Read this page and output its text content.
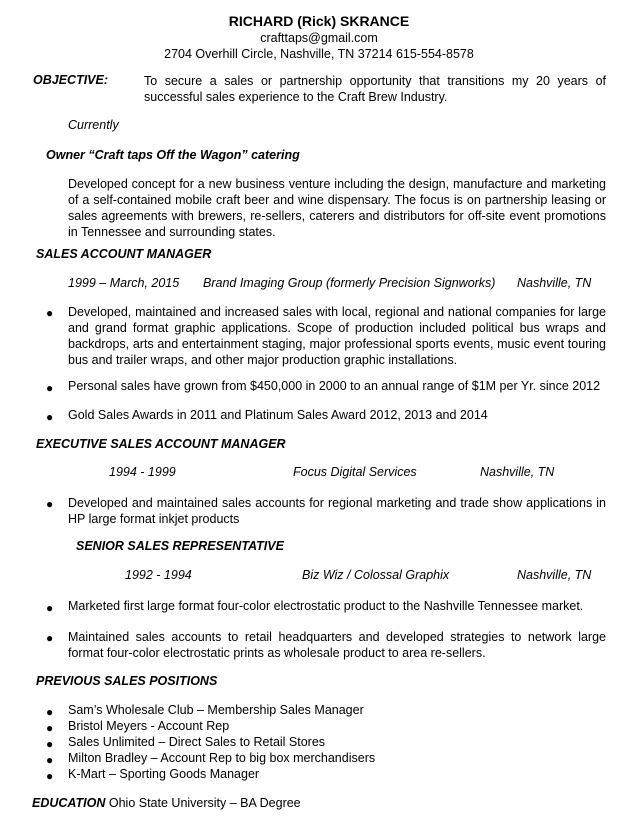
RICHARD (Rick) SKRANCE
crafttaps@gmail.com
2704 Overhill Circle, Nashville, TN 37214 615-554-8578
OBJECTIVE:	To secure a sales or partnership opportunity that transitions my 20 years of successful sales experience to the Craft Brew Industry.
Currently
Owner “Craft taps Off the Wagon” catering
Developed concept for a new business venture including the design, manufacture and marketing of a self-contained mobile craft beer and wine dispensary. The focus is on partnership leasing or sales agreements with brewers, re-sellers, caterers and distributors for off-site event promotions in Tennessee and surrounding states.
SALES ACCOUNT MANAGER
1999 – March, 2015 Brand Imaging Group (formerly Precision Signworks) Nashville, TN
● Developed, maintained and increased sales with local, regional and national companies for large and grand format graphic applications. Scope of production included political bus wraps and backdrops, arts and entertainment staging, major professional sports events, music event touring bus and trailer wraps, and other major production graphic installations.
● Personal sales have grown from $450,000 in 2000 to an annual range of $1M per Yr. since 2012
● Gold Sales Awards in 2011 and Platinum Sales Award 2012, 2013 and 2014
EXECUTIVE SALES ACCOUNT MANAGER
1994 - 1999	Focus Digital Services	Nashville, TN
● Developed and maintained sales accounts for regional marketing and trade show applications in HP large format inkjet products
SENIOR SALES REPRESENTATIVE
1992 - 1994	Biz Wiz / Colossal Graphix	Nashville, TN
● Marketed first large format four-color electrostatic product to the Nashville Tennessee market.
● Maintained sales accounts to retail headquarters and developed strategies to network large format four-color electrostatic prints as wholesale product to area re-sellers.
PREVIOUS SALES POSITIONS
● Sam’s Wholesale Club – Membership Sales Manager
● Bristol Meyers - Account Rep
● Sales Unlimited – Direct Sales to Retail Stores
● Milton Bradley – Account Rep to big box merchandisers
● K-Mart – Sporting Goods Manager
EDUCATION Ohio State University – BA Degree
